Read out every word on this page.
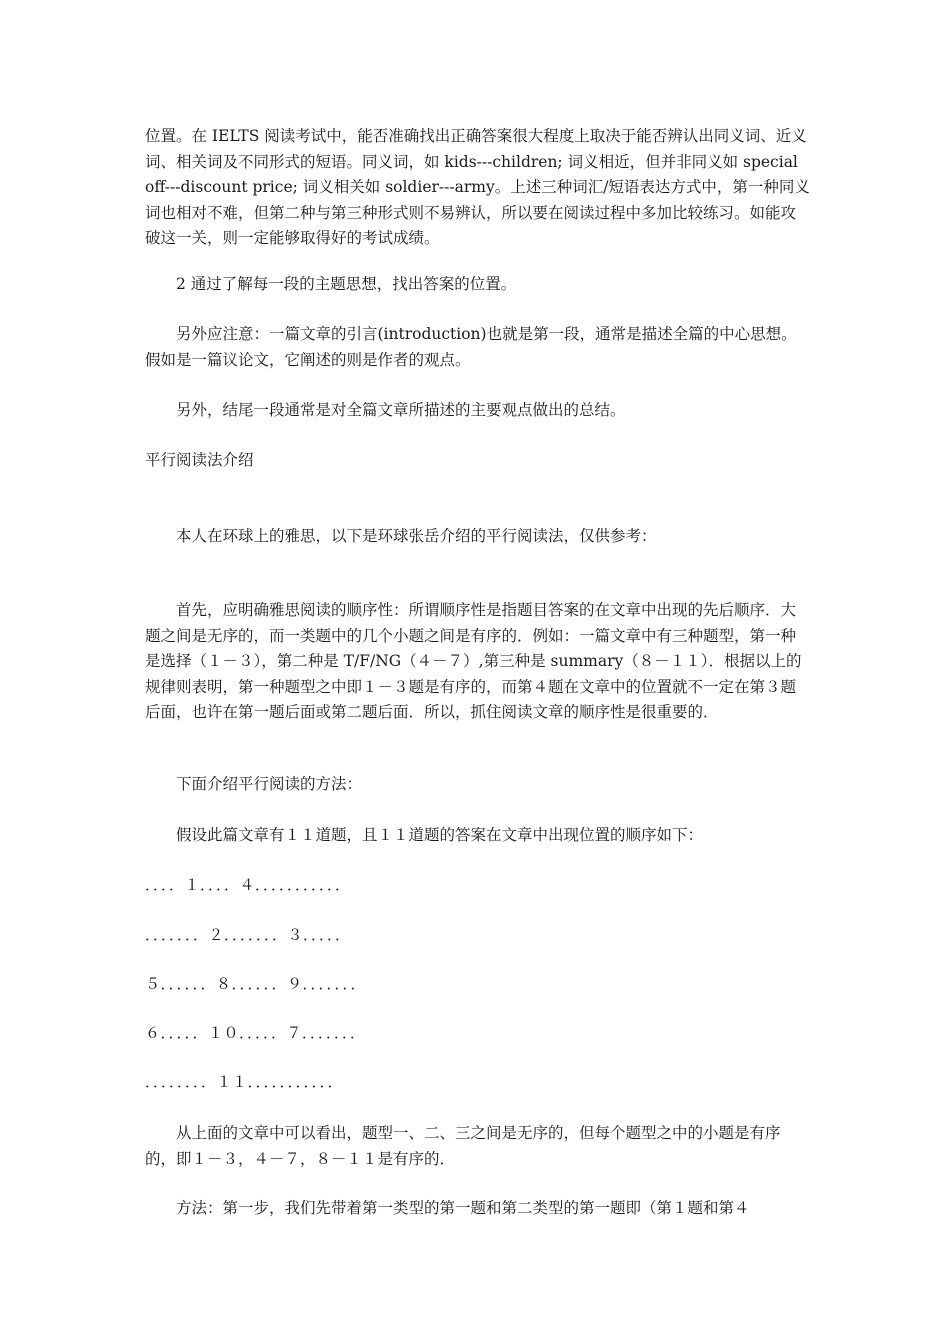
位置。在 IELTS 阅读考试中，能否准确找出正确答案很大程度上取决于能否辨认出同义词、近义词、相关词及不同形式的短语。同义词，如 kids---children; 词义相近，但并非同义如 special off---discount price; 词义相关如 soldier---army。上述三种词汇/短语表达方式中，第一种同义词也相对不难，但第二种与第三种形式则不易辨认，所以要在阅读过程中多加比较练习。如能攻破这一关，则一定能够取得好的考试成绩。

　　2 通过了解每一段的主题思想，找出答案的位置。

　　另外应注意：一篇文章的引言(introduction)也就是第一段，通常是描述全篇的中心思想。假如是一篇议论文，它阐述的则是作者的观点。

　　另外，结尾一段通常是对全篇文章所描述的主要观点做出的总结。

平行阅读法介绍

　　本人在环球上的雅思，以下是环球张岳介绍的平行阅读法，仅供参考：

　　首先，应明确雅思阅读的顺序性：所谓顺序性是指题目答案的在文章中出现的先后顺序．大题之间是无序的，而一类题中的几个小题之间是有序的．例如：一篇文章中有三种题型，第一种是选择（１－３），第二种是 T/F/NG（４－７）,第三种是 summary（８－１１）．根据以上的规律则表明，第一种题型之中即１－３题是有序的，而第４题在文章中的位置就不一定在第３题后面，也许在第一题后面或第二题后面．所以，抓住阅读文章的顺序性是很重要的．

　　下面介绍平行阅读的方法：

　　假设此篇文章有１１道题，且１１道题的答案在文章中出现位置的顺序如下：

．．．．１．．．．４．．．．．．．．．．．

．．．．．．．２．．．．．．．３．．．．．

５．．．．．．８．．．．．．９．．．．．．．

６．．．．．１０．．．．．７．．．．．．．

．．．．．．．．１１．．．．．．．．．．．

　　从上面的文章中可以看出，题型一、二、三之间是无序的，但每个题型之中的小题是有序的，即１－３，４－７，８－１１是有序的．

　　方法：第一步，我们先带着第一类型的第一题和第二类型的第一题即（第１题和第４
